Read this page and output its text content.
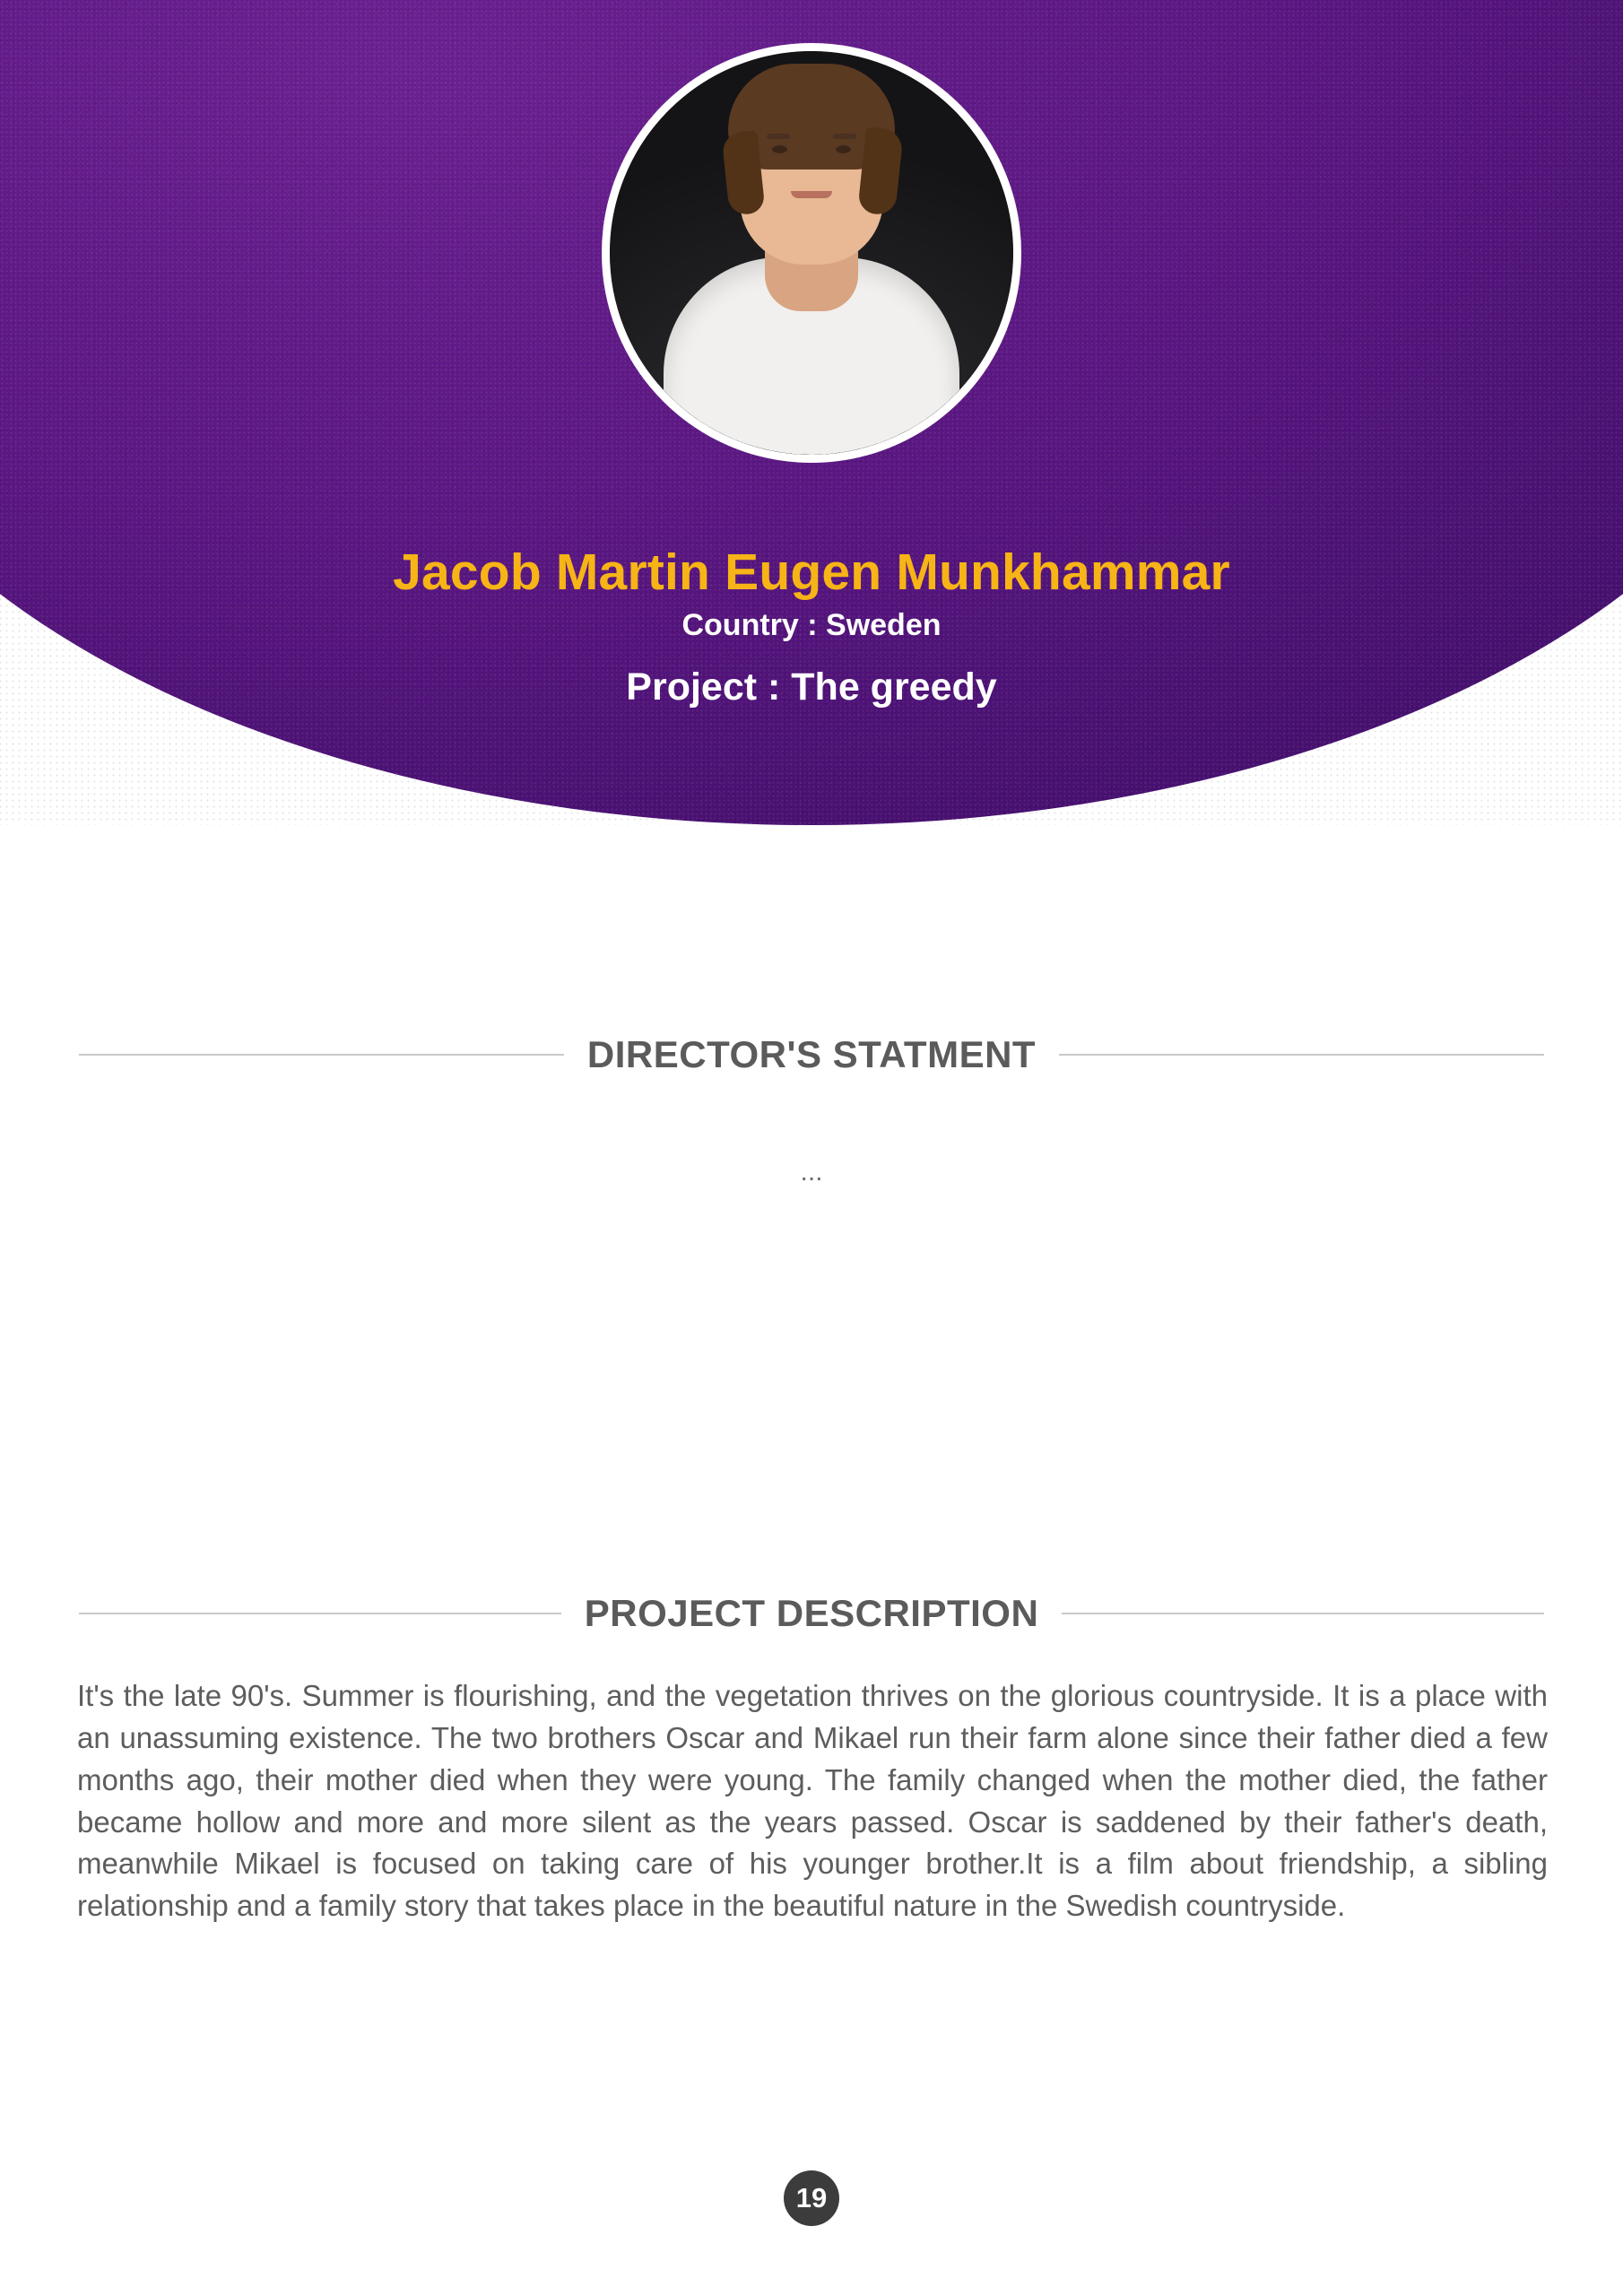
Jacob Martin Eugen Munkhammar
Country : Sweden
Project : The greedy
DIRECTOR'S STATMENT
...
PROJECT DESCRIPTION
It's the late 90's. Summer is flourishing, and the vegetation thrives on the glorious countryside. It is a place with an unassuming existence. The two brothers Oscar and Mikael run their farm alone since their father died a few months ago, their mother died when they were young. The family changed when the mother died, the father became hollow and more and more silent as the years passed. Oscar is saddened by their father's death, meanwhile Mikael is focused on taking care of his younger brother.It is a film about friendship, a sibling relationship and a family story that takes place in the beautiful nature in the Swedish countryside.
19
